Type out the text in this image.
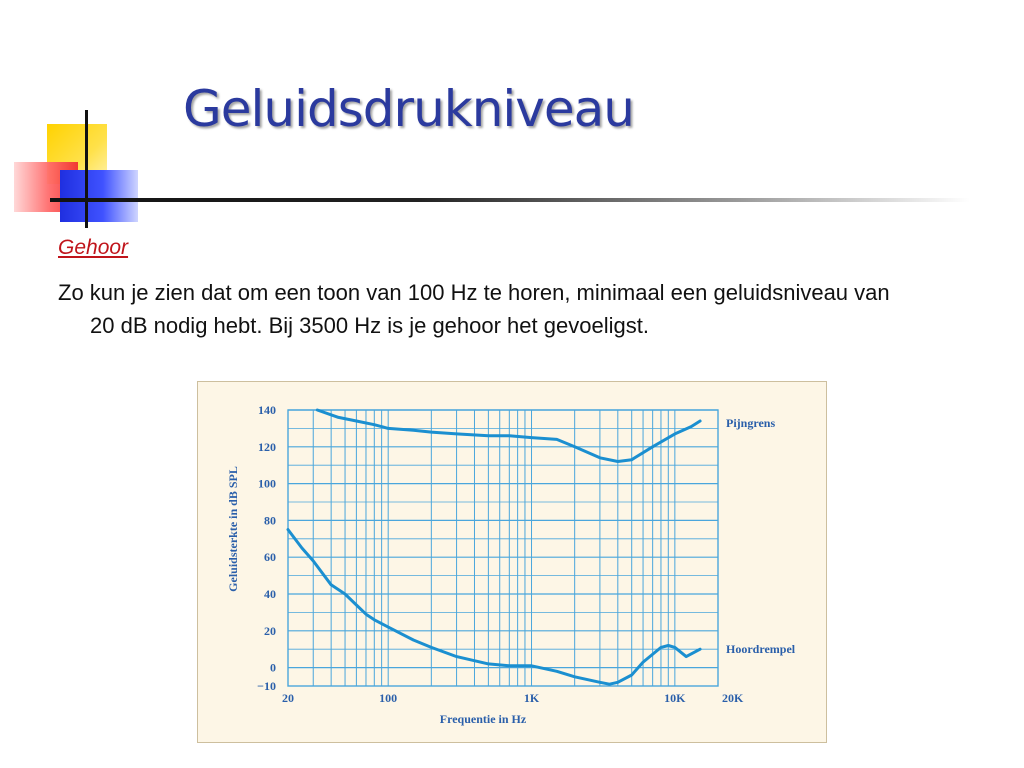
Geluidsdrukniveau
Gehoor
Zo kun je zien dat om een toon van 100 Hz te horen, minimaal een geluidsniveau van 20 dB nodig hebt. Bij 3500 Hz is je gehoor het gevoeligst.
140
120
100
80
60
40
20
0
−10
20	100	1K	10K	20K
Pijngrens
Hoordrempel
Geluidsterkte in dB SPL
Frequentie in Hz
